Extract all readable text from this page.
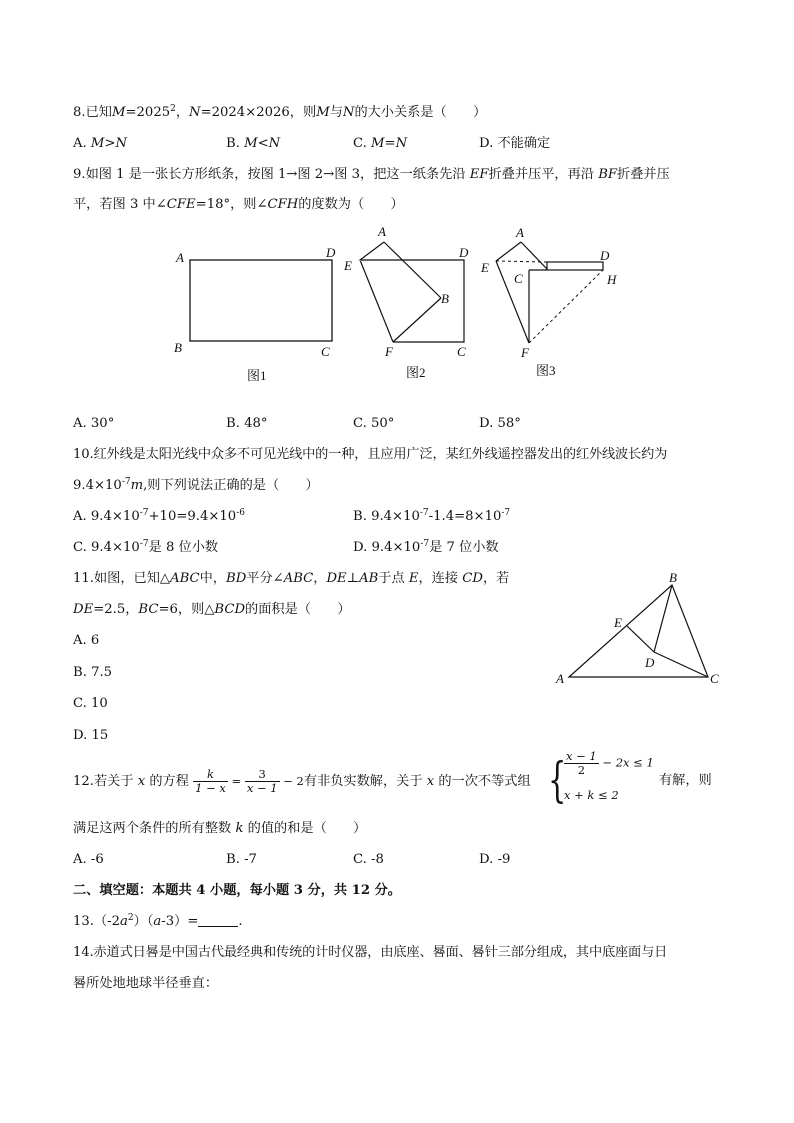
8.已知$M=2025^2$，N=2024×2026，则M与N的大小关系是（　　）
A. M>N	B. M<N	C. M=N	D. 不能确定
9.如图 1 是一张长方形纸条，按图 1→图 2→图 3，把这一纸条先沿 EF折叠并压平，再沿 BF折叠并压
平，若图 3 中∠CFE=18°，则∠CFH的度数为（　　）
A	D
B	C
图1
A
E
D
B
F	C
图2
A
E
C
D
H
F
图3
A. 30°	B. 48°	C. 50°	D. 58°
10.红外线是太阳光线中众多不可见光线中的一种，且应用广泛，某红外线遥控器发出的红外线波长约为
$9.4\times 10^{-7}m$,则下列说法正确的是（　　）
A. $9.4\times 10^{-7}+10=9.4\times 10^{-6}$	B. $9.4\times 10^{-7}-1.4=8\times 10^{-7}$
C. $9.4\times 10^{-7}$是 8 位小数	D. $9.4\times 10^{-7}$是 7 位小数
11.如图，已知△ABC中，BD平分∠ABC，DE⊥AB于点 E，连接 CD，若
DE=2.5，BC=6，则△BCD的面积是（　　）
A. 6
B. 7.5
C. 10
D. 15
B
E
D
A	C
12.若关于 x 的方程 $\frac{k}{1 - x} = \frac{3}{x - 1} - 2$有非负实数解，关于 x 的一次不等式组 {
$\frac{x - 1}{2} - 2x \le 1$
x + k ≤ 2
有解，则
满足这两个条件的所有整数 k 的值的和是（　　）
A. -6	B. -7	C. -8	D. -9
二、填空题：本题共 4 小题，每小题 3 分，共 12 分。
$13.(-2a^2)(a-3)=$	.
14.赤道式日晷是中国古代最经典和传统的计时仪器，由底座、晷面、晷针三部分组成，其中底座面与日
晷所处地地球半径垂直：
